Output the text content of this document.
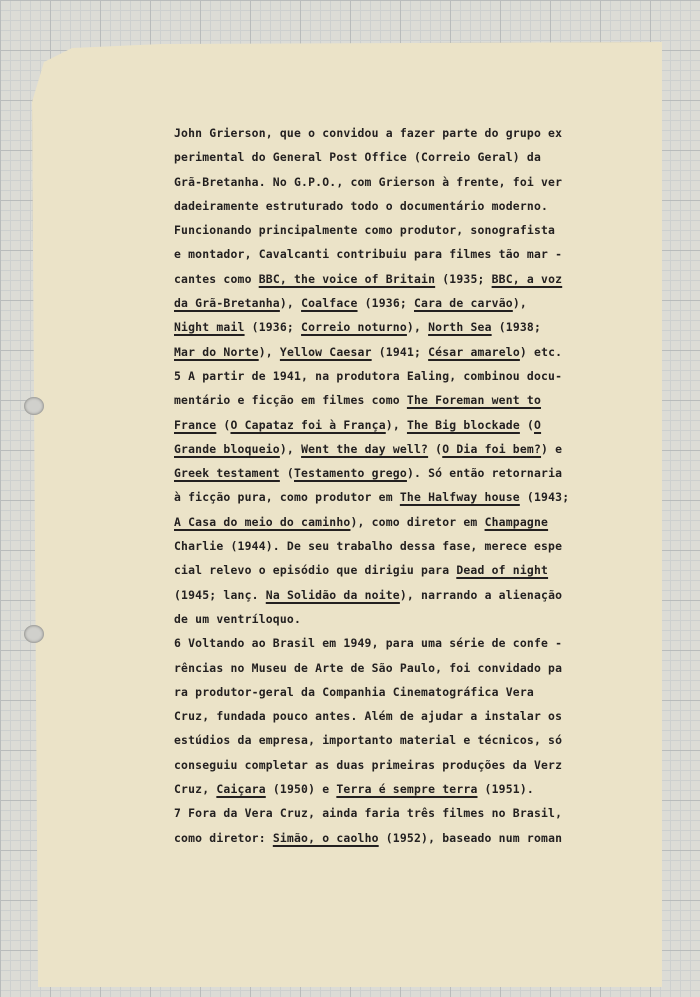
John Grierson, que o convidou a fazer parte do grupo ex
perimental do General Post Office (Correio Geral) da
Grã-Bretanha. No G.P.O., com Grierson à frente, foi ver
dadeiramente estruturado todo o documentário moderno.
Funcionando principalmente como produtor, sonografista
e montador, Cavalcanti contribuiu para filmes tão mar -
cantes como BBC, the voice of Britain (1935; BBC, a voz
da Grã-Bretanha), Coalface (1936; Cara de carvão),
Night mail (1936; Correio noturno), North Sea (1938;
Mar do Norte), Yellow Caesar (1941; César amarelo) etc.
5 A partir de 1941, na produtora Ealing, combinou docu-
mentário e ficção em filmes como The Foreman went to
France (O Capataz foi à França), The Big blockade (O
Grande bloqueio), Went the day well? (O Dia foi bem?) e
Greek testament (Testamento grego). Só então retornaria
à ficção pura, como produtor em The Halfway house (1943;
A Casa do meio do caminho), como diretor em Champagne
Charlie (1944). De seu trabalho dessa fase, merece espe
cial relevo o episódio que dirigiu para Dead of night
(1945; lanç. Na Solidão da noite), narrando a alienação
de um ventríloquo.
6 Voltando ao Brasil em 1949, para uma série de confe -
rências no Museu de Arte de São Paulo, foi convidado pa
ra produtor-geral da Companhia Cinematográfica Vera
Cruz, fundada pouco antes. Além de ajudar a instalar os
estúdios da empresa, importanto material e técnicos, só
conseguiu completar as duas primeiras produções da Verz
Cruz, Caiçara (1950) e Terra é sempre terra (1951).
7 Fora da Vera Cruz, ainda faria três filmes no Brasil,
como diretor: Simão, o caolho (1952), baseado num roman
